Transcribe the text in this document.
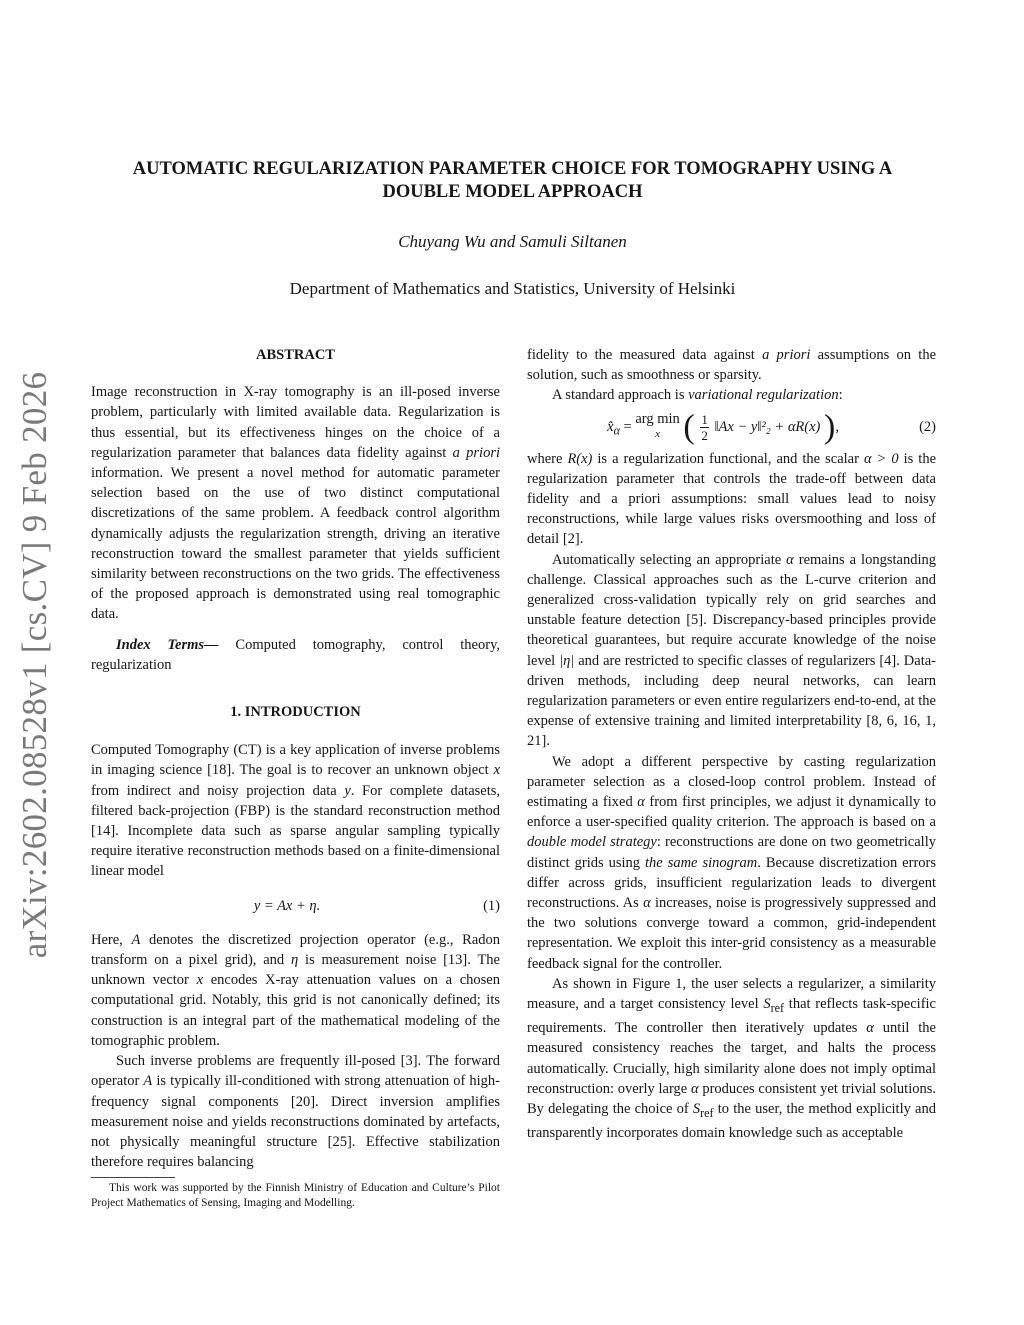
arXiv:2602.08528v1 [cs.CV] 9 Feb 2026
AUTOMATIC REGULARIZATION PARAMETER CHOICE FOR TOMOGRAPHY USING A
DOUBLE MODEL APPROACH
Chuyang Wu and Samuli Siltanen
Department of Mathematics and Statistics, University of Helsinki

ABSTRACT

Image reconstruction in X-ray tomography is an ill-posed inverse problem, particularly with limited available data. Regularization is thus essential, but its effectiveness hinges on the choice of a regularization parameter that balances data fidelity against a priori information. We present a novel method for automatic parameter selection based on the use of two distinct computational discretizations of the same problem. A feedback control algorithm dynamically adjusts the regularization strength, driving an iterative reconstruction toward the smallest parameter that yields sufficient similarity between reconstructions on the two grids. The effectiveness of the proposed approach is demonstrated using real tomographic data.

Index Terms— Computed tomography, control theory, regularization

1. INTRODUCTION

Computed Tomography (CT) is a key application of inverse problems in imaging science [18]. The goal is to recover an unknown object x from indirect and noisy projection data y. For complete datasets, filtered back-projection (FBP) is the standard reconstruction method [14]. Incomplete data such as sparse angular sampling typically require iterative reconstruction methods based on a finite-dimensional linear model

y = Ax + η.	(1)

Here, A denotes the discretized projection operator (e.g., Radon transform on a pixel grid), and η is measurement noise [13]. The unknown vector x encodes X-ray attenuation values on a chosen computational grid. Notably, this grid is not canonically defined; its construction is an integral part of the mathematical modeling of the tomographic problem.

Such inverse problems are frequently ill-posed [3]. The forward operator A is typically ill-conditioned with strong attenuation of high-frequency signal components [20]. Direct inversion amplifies measurement noise and yields reconstructions dominated by artefacts, not physically meaningful structure [25]. Effective stabilization therefore requires balancing

This work was supported by the Finnish Ministry of Education and Culture’s Pilot Project Mathematics of Sensing, Imaging and Modelling.

fidelity to the measured data against a priori assumptions on the solution, such as smoothness or sparsity.

A standard approach is variational regularization:

$x̂_\alpha$ = arg min
x ( $\frac{1}{2}$ ‖Ax − y‖²₂ + αR(x) ),	(2)

where R(x) is a regularization functional, and the scalar α > 0 is the regularization parameter that controls the trade-off between data fidelity and a priori assumptions: small values lead to noisy reconstructions, while large values risks oversmoothing and loss of detail [2].

Automatically selecting an appropriate α remains a longstanding challenge. Classical approaches such as the L-curve criterion and generalized cross-validation typically rely on grid searches and unstable feature detection [5]. Discrepancy-based principles provide theoretical guarantees, but require accurate knowledge of the noise level |η| and are restricted to specific classes of regularizers [4]. Data-driven methods, including deep neural networks, can learn regularization parameters or even entire regularizers end-to-end, at the expense of extensive training and limited interpretability [8, 6, 16, 1, 21].

We adopt a different perspective by casting regularization parameter selection as a closed-loop control problem. Instead of estimating a fixed α from first principles, we adjust it dynamically to enforce a user-specified quality criterion. The approach is based on a double model strategy: reconstructions are done on two geometrically distinct grids using the same sinogram. Because discretization errors differ across grids, insufficient regularization leads to divergent reconstructions. As α increases, noise is progressively suppressed and the two solutions converge toward a common, grid-independent representation. We exploit this inter-grid consistency as a measurable feedback signal for the controller.

As shown in Figure 1, the user selects a regularizer, a similarity measure, and a target consistency level $S_{ref}$ that reflects task-specific requirements. The controller then iteratively updates α until the measured consistency reaches the target, and halts the process automatically. Crucially, high similarity alone does not imply optimal reconstruction: overly large α produces consistent yet trivial solutions. By delegating the choice of $S_{ref}$ to the user, the method explicitly and transparently incorporates domain knowledge such as acceptable
